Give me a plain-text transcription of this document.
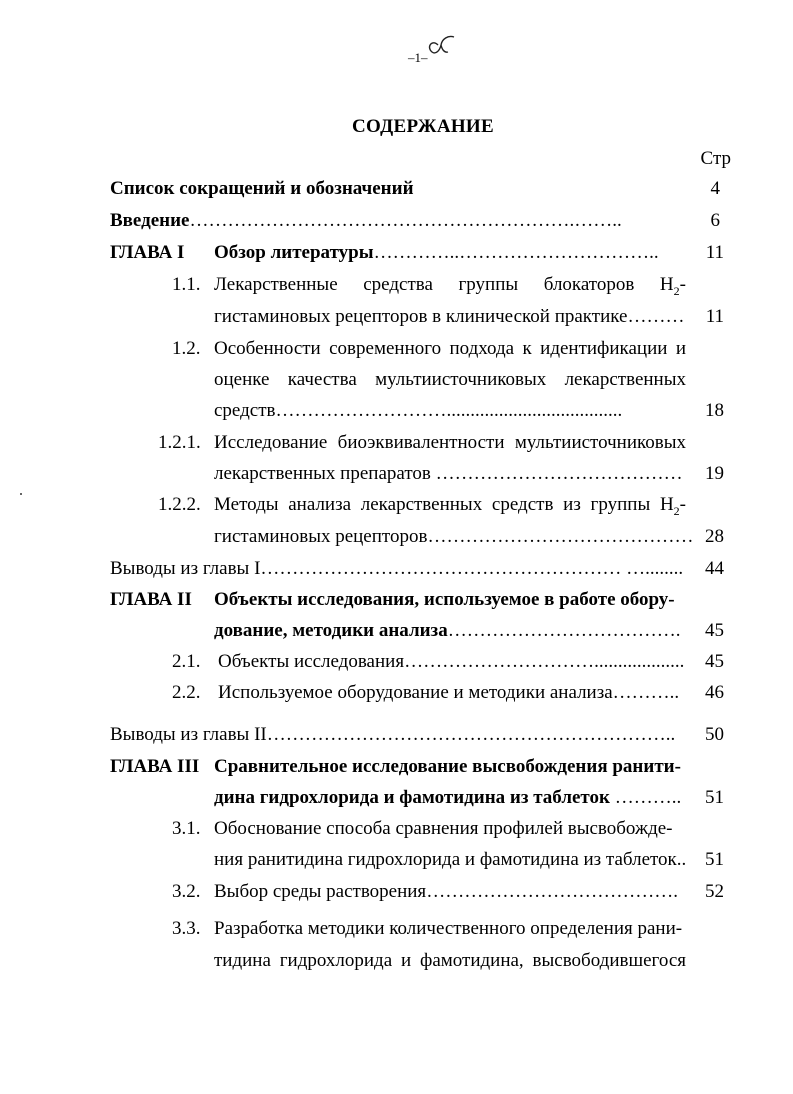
–1–
СОДЕРЖАНИЕ
Стр
Список сокращений и обозначений	4
Введение…………………………………………………….……..	6
ГЛАВА I Обзор литературы…………..…………………………..	11
1.1. Лекарственные средства группы блокаторов $Н_2-$
гистаминовых рецепторов в клинической практике………	11
1.2. Особенности современного подхода к идентификации и
оценке качества мультиисточниковых лекарственных
средств……………………….....................................	18
1.2.1. Исследование биоэквивалентности мультиисточниковых
лекарственных препаратов …………………………………	19
1.2.2. Методы анализа лекарственных средств из группы $Н_2-$
гистаминовых рецепторов…………………………………… 28
Выводы из главы I………………………………………………… …........	44
ГЛАВА II Объекты исследования, используемое в работе обору-
дование, методики анализа……………………………….	45
2.1. Объекты исследования…………………………...................	45
2.2. Используемое оборудование и методики анализа………..	46
Выводы из главы II………………………………………………………..	50
ГЛАВА III Сравнительное исследование высвобождения ранити-
дина гидрохлорида и фамотидина из таблеток ………..	51
3.1. Обоснование способа сравнения профилей высвобожде-
ния ранитидина гидрохлорида и фамотидина из таблеток.. 51
3.2. Выбор среды растворения………………………………….	52
3.3. Разработка методики количественного определения рани-
тидина гидрохлорида и фамотидина, высвободившегося
